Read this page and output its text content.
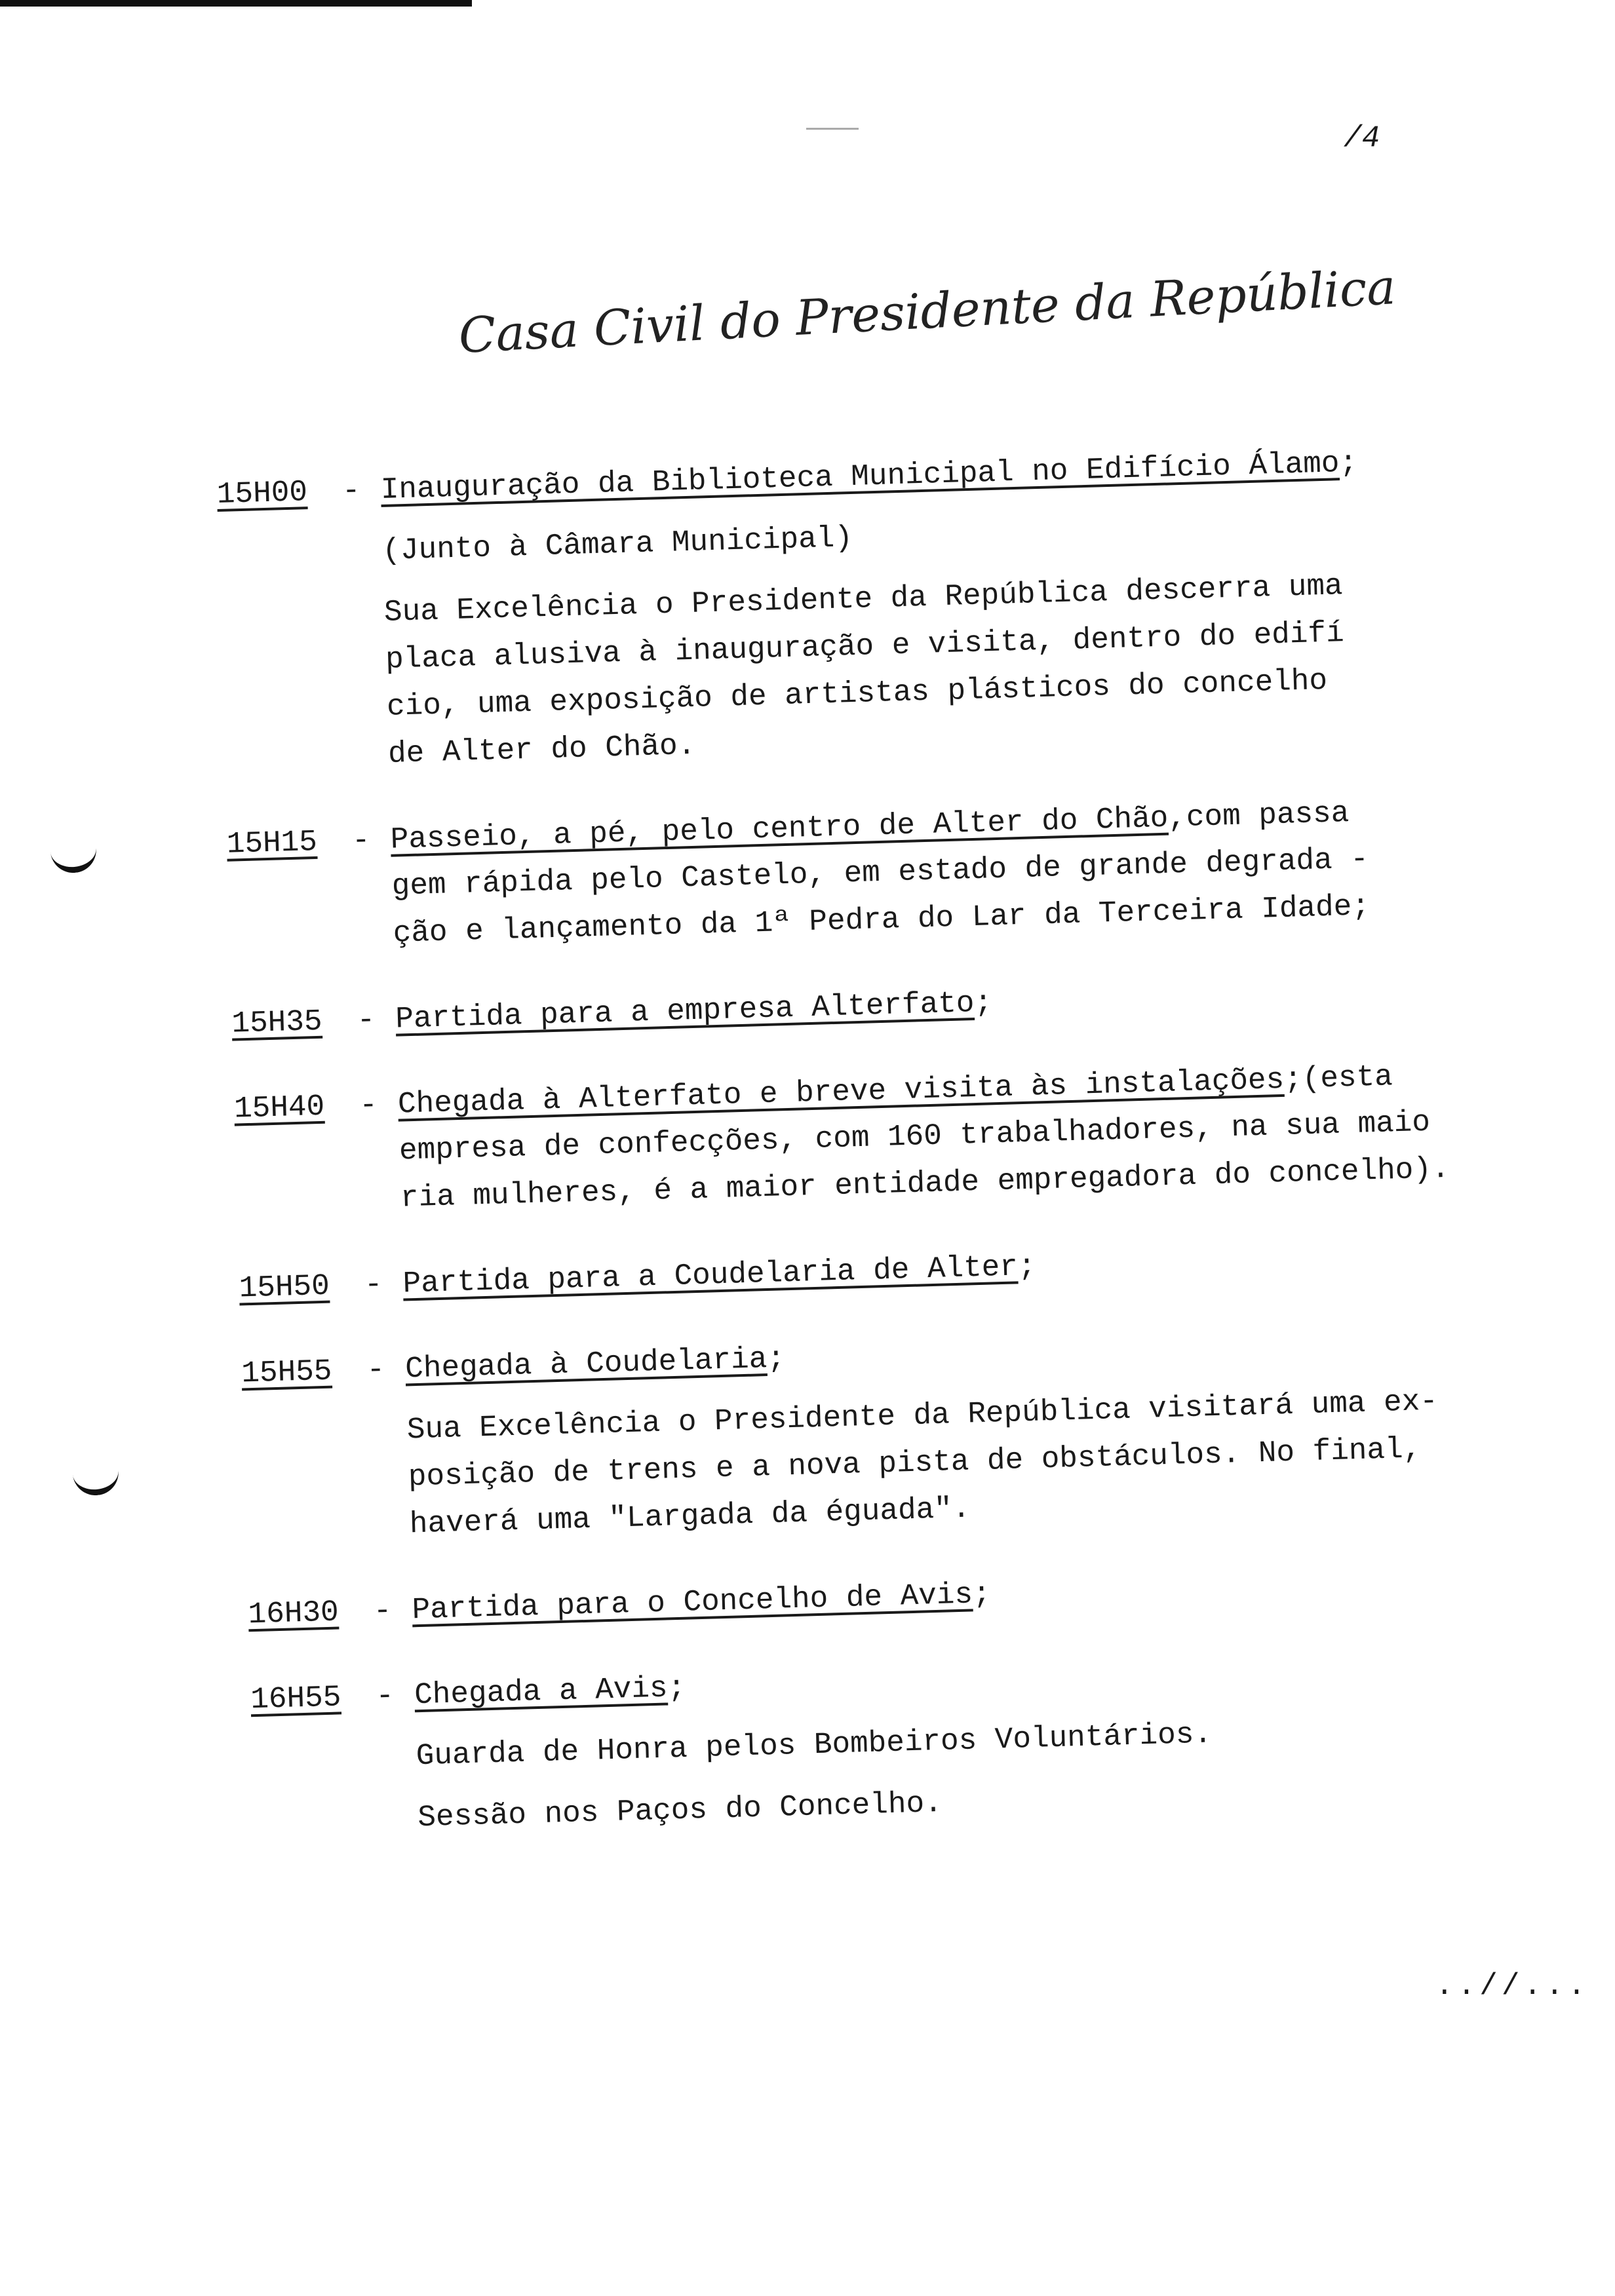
/4
Casa Civil do Presidente da República
15H00	- Inauguração da Biblioteca Municipal no Edifício Álamo
;
(Junto à Câmara Municipal)
Sua Excelência o Presidente da República descerra uma
placa alusiva à inauguração e visita, dentro do edifí
cio, uma exposição de artistas plásticos do concelho
de Alter do Chão.
15H15	- Passeio, a pé, pelo centro de Alter do Chão
,
com passa
gem rápida pelo Castelo, em estado de grande degrada -
ção e lançamento da 1ª Pedra do Lar da Terceira Idade;
15H35	- Partida para a empresa Alterfato
;
15H40	- Chegada à Alterfato e breve visita às instalações
;
(esta
empresa de confecções, com 160 trabalhadores, na sua maio
ria mulheres, é a maior entidade empregadora do concelho).
15H50	- Partida para a Coudelaria de Alter
;
15H55	- Chegada à Coudelaria
;
Sua Excelência o Presidente da República visitará uma ex-
posição de trens e a nova pista de obstáculos. No final,
haverá uma "Largada da éguada".
16H30	- Partida para o Concelho de Avis
;
16H55	- Chegada a Avis
;
Guarda de Honra pelos Bombeiros Voluntários.
Sessão nos Paços do Concelho.
..//...
